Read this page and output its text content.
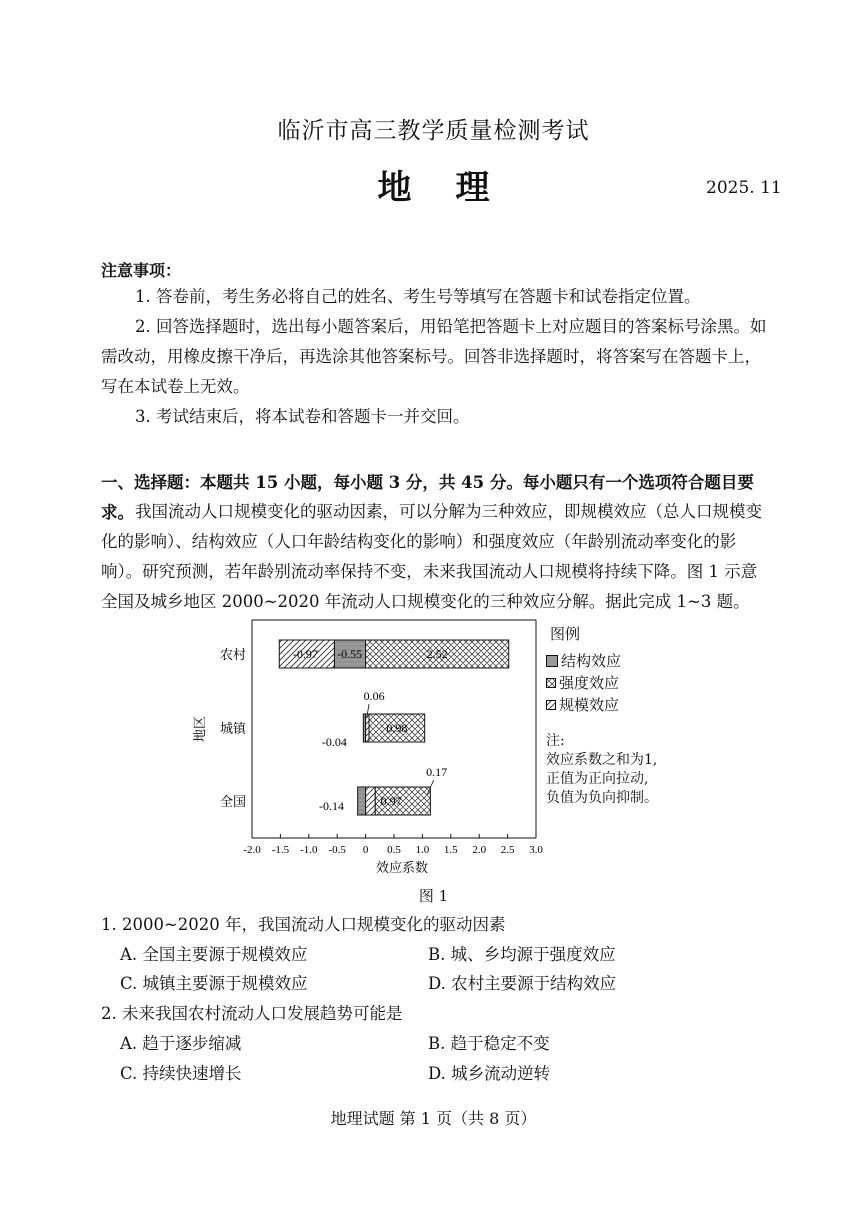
临沂市高三教学质量检测考试
地理	2025. 11
注意事项：
1. 答卷前，考生务必将自己的姓名、考生号等填写在答题卡和试卷指定位置。
2. 回答选择题时，选出每小题答案后，用铅笔把答题卡上对应题目的答案标号涂黑。如需改动，用橡皮擦干净后，再选涂其他答案标号。回答非选择题时，将答案写在答题卡上，写在本试卷上无效。
3. 考试结束后，将本试卷和答题卡一并交回。
一、选择题：本题共 15 小题，每小题 3 分，共 45 分。每小题只有一个选项符合题目要求。 我国流动人口规模变化的驱动因素，可以分解为三种效应，即规模效应（总人口规模变化的影响）、结构效应（人口年龄结构变化的影响）和强度效应（年龄别流动率变化的影响）。研究预测，若年龄别流动率保持不变，未来我国流动人口规模将持续下降。图 1 示意全国及城乡地区 2000~2020 年流动人口规模变化的三种效应分解。据此完成 1~3 题。
-2.0 -1.5 -1.0 -0.5 0 0.5 1.0 1.5 2.0 2.5 3.0
效应系数
地区
农村
城镇
全国
-0.97 -0.55	2.52
0.06
-0.04
0.98
0.17
-0.14	0.97
图例
结构效应
强度效应
规模效应
注:
效应系数之和为1,
正值为正向拉动,
负值为负向抑制。
图 1
1. 2000~2020 年，我国流动人口规模变化的驱动因素
A. 全国主要源于规模效应	B. 城、乡均源于强度效应
C. 城镇主要源于规模效应	D. 农村主要源于结构效应
2. 未来我国农村流动人口发展趋势可能是
A. 趋于逐步缩减	B. 趋于稳定不变
C. 持续快速增长	D. 城乡流动逆转
地理试题 第 1 页（共 8 页）
